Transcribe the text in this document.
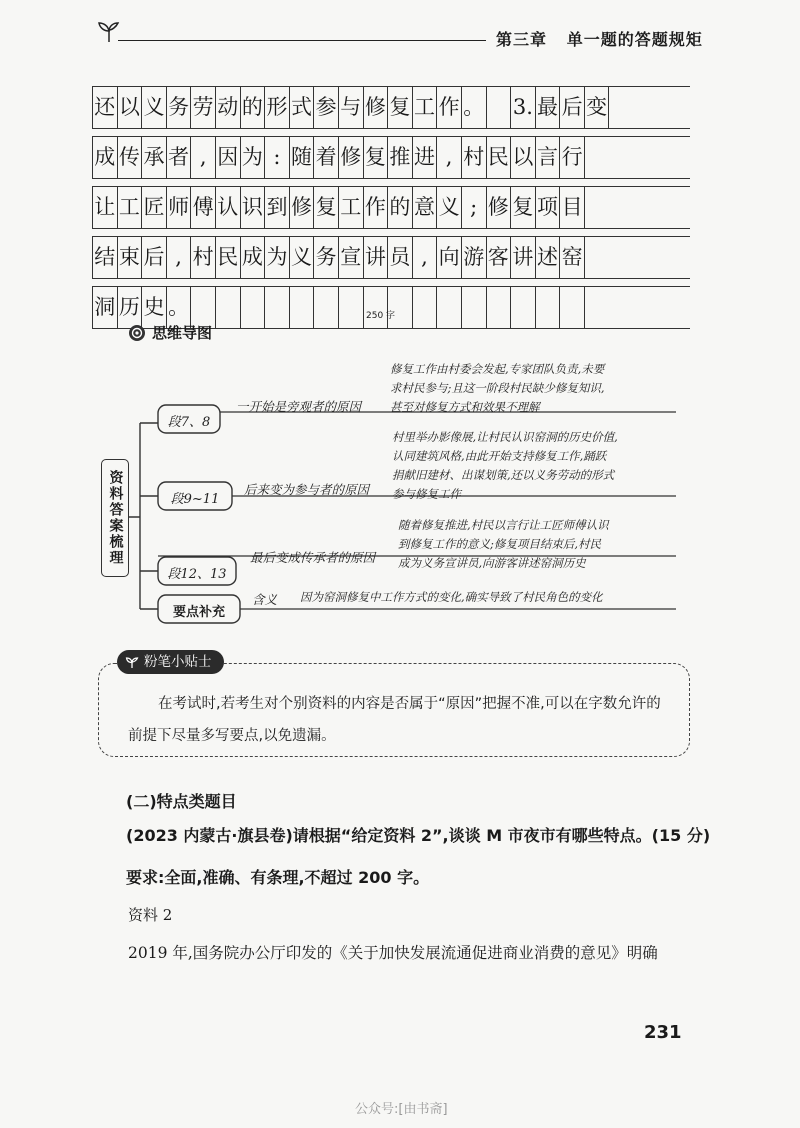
第三章 单一题的答题规矩
还 以 义 务 劳 动 的 形 式 参 与 修 复 工 作 。 3. 最 后 变
成 传 承 者 , 因 为 : 随 着 修 复 推 进 , 村 民 以 言 行
让 工 匠 师 傅 认 识 到 修 复 工 作 的 意 义 ; 修 复 项 目
结 束 后 , 村 民 成 为 义 务 宣 讲 员 , 向 游 客 讲 述 窑
洞 历 史 。	250 字
思维导图
资料答案梳理
段7、8
段9~11
段12、13
要点补充
一开始是旁观者的原因
后来变为参与者的原因
最后变成传承者的原因
含义
修复工作由村委会发起,专家团队负责,未要
求村民参与;且这一阶段村民缺少修复知识,
甚至对修复方式和效果不理解
村里举办影像展,让村民认识窑洞的历史价值,
认同建筑风格,由此开始支持修复工作,踊跃
捐献旧建材、出谋划策,还以义务劳动的形式
参与修复工作
随着修复推进,村民以言行让工匠师傅认识
到修复工作的意义;修复项目结束后,村民
成为义务宣讲员,向游客讲述窑洞历史
因为窑洞修复中工作方式的变化,确实导致了村民角色的变化
粉笔小贴士
在考试时,若考生对个别资料的内容是否属于“原因”把握不准,可以在字数允许的前提下尽量多写要点,以免遗漏。
(二)特点类题目
(2023 内蒙古·旗县卷)请根据“给定资料 2”,谈谈 M 市夜市有哪些特点。(15 分)
要求:全面,准确、有条理,不超过 200 字。
资料 2
2019 年,国务院办公厅印发的《关于加快发展流通促进商业消费的意见》明确
231
公众号:[由书斋]
